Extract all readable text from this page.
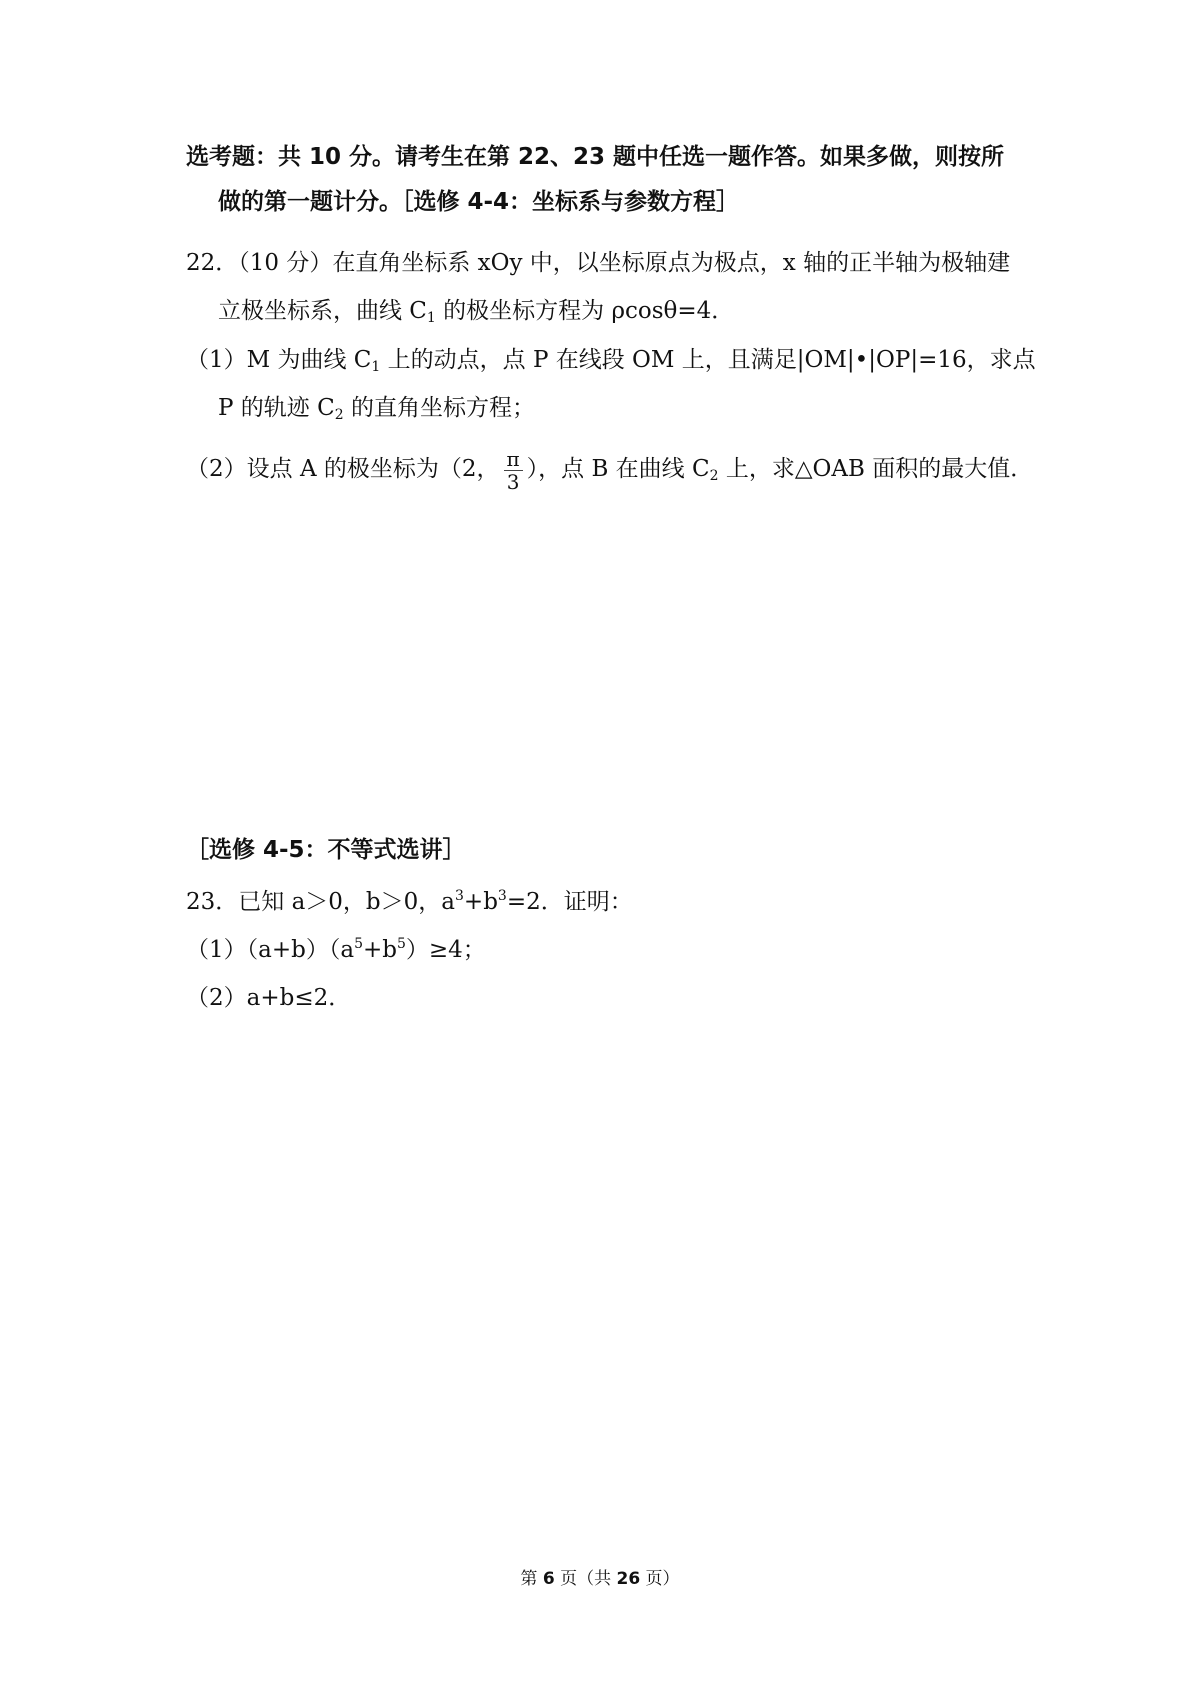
选考题：共 10 分。请考生在第 22、23 题中任选一题作答。如果多做，则按所
做的第一题计分。［选修 4-4：坐标系与参数方程］
22．（10 分）在直角坐标系 xOy 中，以坐标原点为极点，x 轴的正半轴为极轴建
立极坐标系，曲线 $C_1$ 的极坐标方程为 ρcosθ=4．
（1）M 为曲线 $C_1$ 上的动点，点 P 在线段 OM 上，且满足|OM|•|OP|=16，求点
P 的轨迹 $C_2$ 的直角坐标方程；
（2）设点 A 的极坐标为（2， $\frac{\pi}{3}$ ），点 B 在曲线 $C_2$ 上，求△OAB 面积的最大值．
［选修 4-5：不等式选讲］
23．已知 a＞0，b＞0，$a^3+b^3=2$．证明：
$(1)(a+b)(a^5+b^5)\ge 4$；
（2）a+b≤2．
第 6 页（共 26 页）
